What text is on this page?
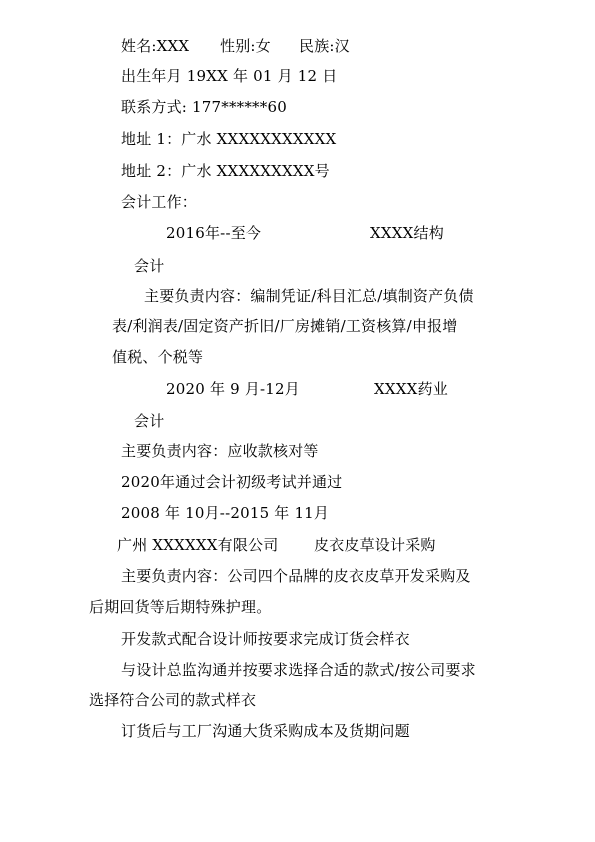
姓名:XXX 性别:女 民族:汉
出生年月 19XX 年 01 月 12 日
联系方式: 177******60
地址 1：广水 XXXXXXXXXXX
地址 2：广水 XXXXXXXXX号
会计工作：
2016年--至今	XXXX结构
会计
主要负责内容：编制凭证/科目汇总/填制资产负债
表/利润表/固定资产折旧/厂房摊销/工资核算/申报增
值税、个税等
2020 年 9 月-12月	XXXX药业
会计
主要负责内容：应收款核对等
2020年通过会计初级考试并通过
2008 年 10月--2015 年 11月
广州 XXXXXX有限公司 皮衣皮草设计采购
主要负责内容：公司四个品牌的皮衣皮草开发采购及
后期回货等后期特殊护理。
开发款式配合设计师按要求完成订货会样衣
与设计总监沟通并按要求选择合适的款式/按公司要求
选择符合公司的款式样衣
订货后与工厂沟通大货采购成本及货期问题
